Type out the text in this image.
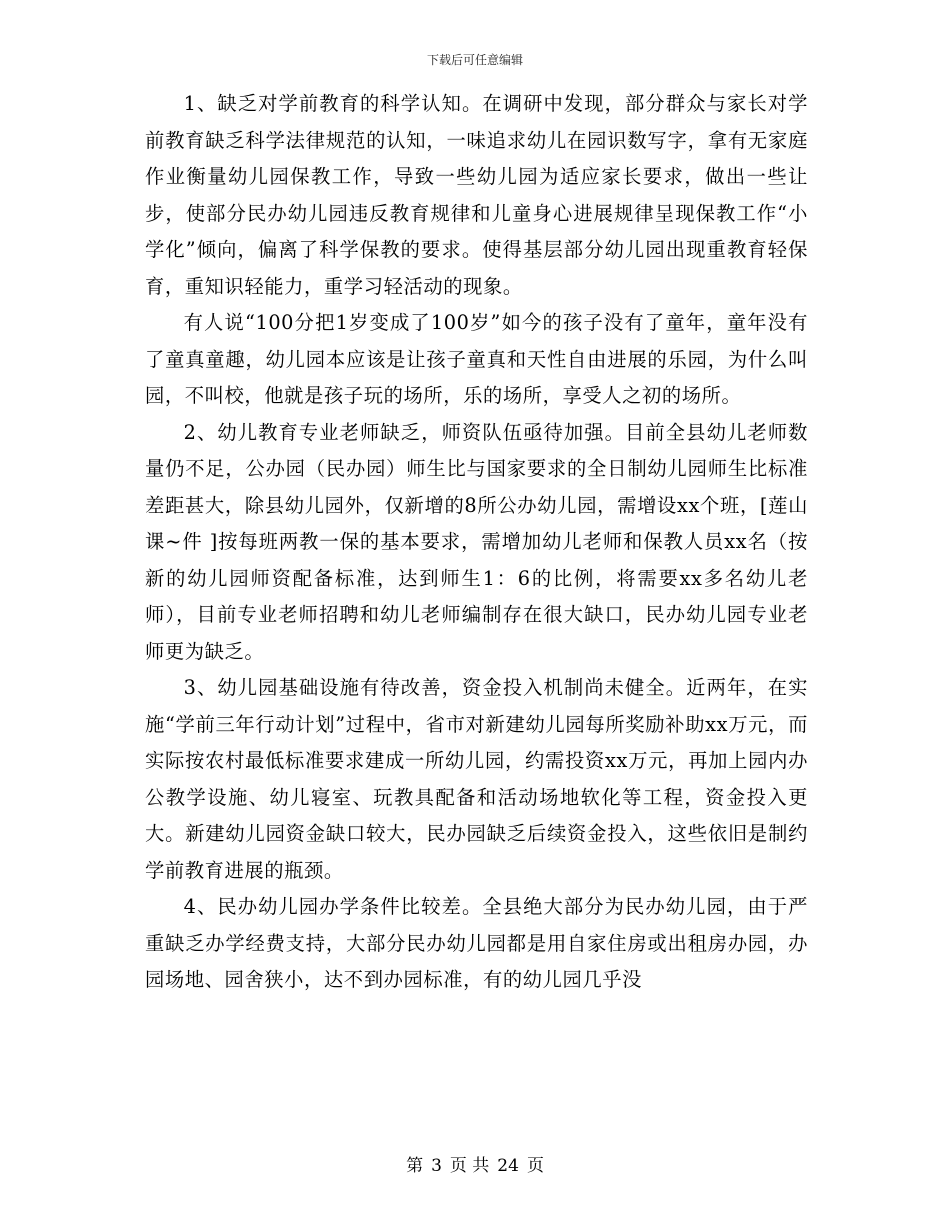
下载后可任意编辑

1、缺乏对学前教育的科学认知。在调研中发现，部分群众与家长对学前教育缺乏科学法律规范的认知，一味追求幼儿在园识数写字，拿有无家庭作业衡量幼儿园保教工作，导致一些幼儿园为适应家长要求，做出一些让步，使部分民办幼儿园违反教育规律和儿童身心进展规律呈现保教工作“小学化”倾向，偏离了科学保教的要求。使得基层部分幼儿园出现重教育轻保育，重知识轻能力，重学习轻活动的现象。

有人说“100分把1岁变成了100岁”如今的孩子没有了童年，童年没有了童真童趣，幼儿园本应该是让孩子童真和天性自由进展的乐园，为什么叫园，不叫校，他就是孩子玩的场所，乐的场所，享受人之初的场所。

2、幼儿教育专业老师缺乏，师资队伍亟待加强。目前全县幼儿老师数量仍不足，公办园（民办园）师生比与国家要求的全日制幼儿园师生比标准差距甚大，除县幼儿园外，仅新增的8所公办幼儿园，需增设xx个班，[莲山课~件 ]按每班两教一保的基本要求，需增加幼儿老师和保教人员xx名（按新的幼儿园师资配备标准，达到师生1：6的比例，将需要xx多名幼儿老师），目前专业老师招聘和幼儿老师编制存在很大缺口，民办幼儿园专业老师更为缺乏。

3、幼儿园基础设施有待改善，资金投入机制尚未健全。近两年，在实施“学前三年行动计划”过程中，省市对新建幼儿园每所奖励补助xx万元，而实际按农村最低标准要求建成一所幼儿园，约需投资xx万元，再加上园内办公教学设施、幼儿寝室、玩教具配备和活动场地软化等工程，资金投入更大。新建幼儿园资金缺口较大，民办园缺乏后续资金投入，这些依旧是制约学前教育进展的瓶颈。

4、民办幼儿园办学条件比较差。全县绝大部分为民办幼儿园，由于严重缺乏办学经费支持，大部分民办幼儿园都是用自家住房或出租房办园，办园场地、园舍狭小，达不到办园标准，有的幼儿园几乎没

第 3 页 共 24 页
